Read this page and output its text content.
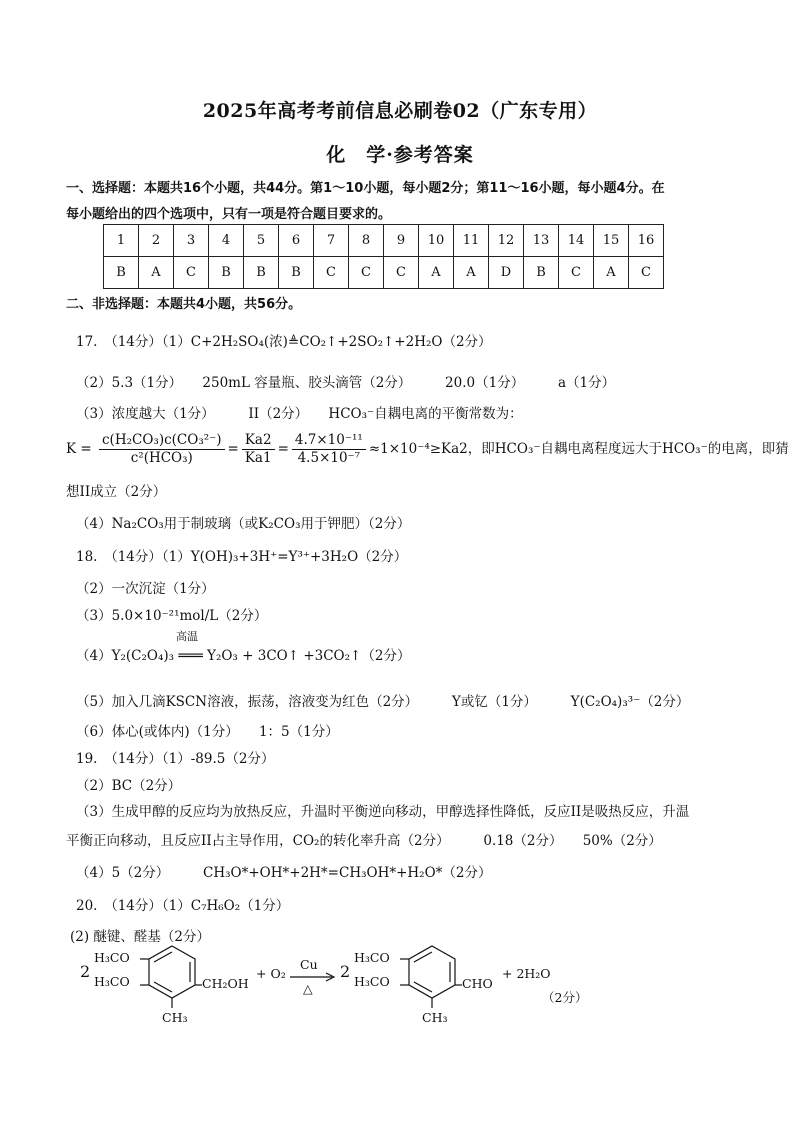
2025年高考考前信息必刷卷02（广东专用）
化　学·参考答案
一、选择题：本题共16个小题，共44分。第1～10小题，每小题2分；第11～16小题，每小题4分。在
每小题给出的四个选项中，只有一项是符合题目要求的。
1	2	3	4	5	6	7	8	9	10	11	12	13	14	15	16
B	A	C	B	B	B	C	C	C	A	A	D	B	C	A	C
二、非选择题：本题共4小题，共56分。
17.　（14分）（1）C+2H₂SO₄(浓)≜CO₂↑+2SO₂↑+2H₂O（2分）
（2）5.3（1分）　　250mL 容量瓶、胶头滴管（2分）　　　20.0（1分）　　　a（1分）
（3）浓度越大（1分）　　　II（2分）　　HCO₃⁻自耦电离的平衡常数为：
$K = \frac{\text{c(H₂CO₃)c(CO₃²⁻)}}{\text{c²(HCO₃)}} = \frac{Ka2}{Ka1} = \frac{\text{4.7×10⁻¹¹}}{\text{4.5×10⁻⁷}} \approx 1\times 10^{-4}\ge Ka2$，即HCO₃⁻自耦电离程度远大于HCO₃⁻的电离，即猜
想II成立（2分）
（4）Na₂CO₃用于制玻璃（或K₂CO₃用于钾肥）（2分）
18.　（14分）（1）Y(OH)₃+3H⁺=Y³⁺+3H₂O（2分）
（2）一次沉淀（1分）
（3）5.0×10⁻²¹mol/L（2分）
高温
（4）Y₂(C₂O₄)₃ ═══ Y₂O₃ + 3CO↑ +3CO₂↑（2分）
（5）加入几滴KSCN溶液，振荡，溶液变为红色（2分）　　　Y或钇（1分）　　　Y(C₂O₄)₃³⁻（2分）
（6）体心(或体内)（1分）　　1：5（1分）
19.　（14分）（1）-89.5（2分）
（2）BC（2分）
（3）生成甲醇的反应均为放热反应，升温时平衡逆向移动，甲醇选择性降低，反应II是吸热反应，升温
平衡正向移动，且反应II占主导作用，CO₂的转化率升高（2分）　　　0.18（2分）　　50%（2分）
（4）5（2分）　　　CH₃O*+OH*+2H*=CH₃OH*+H₂O*（2分）
20.　（14分）（1）C₇H₆O₂（1分）
(2) 醚键、醛基（2分）
2
H₃CO
H₃CO	CH₂OH
CH₃
+ O₂
Cu
△
2
H₃CO
H₃CO	CHO
CH₃
+ 2H₂O
（2分）
